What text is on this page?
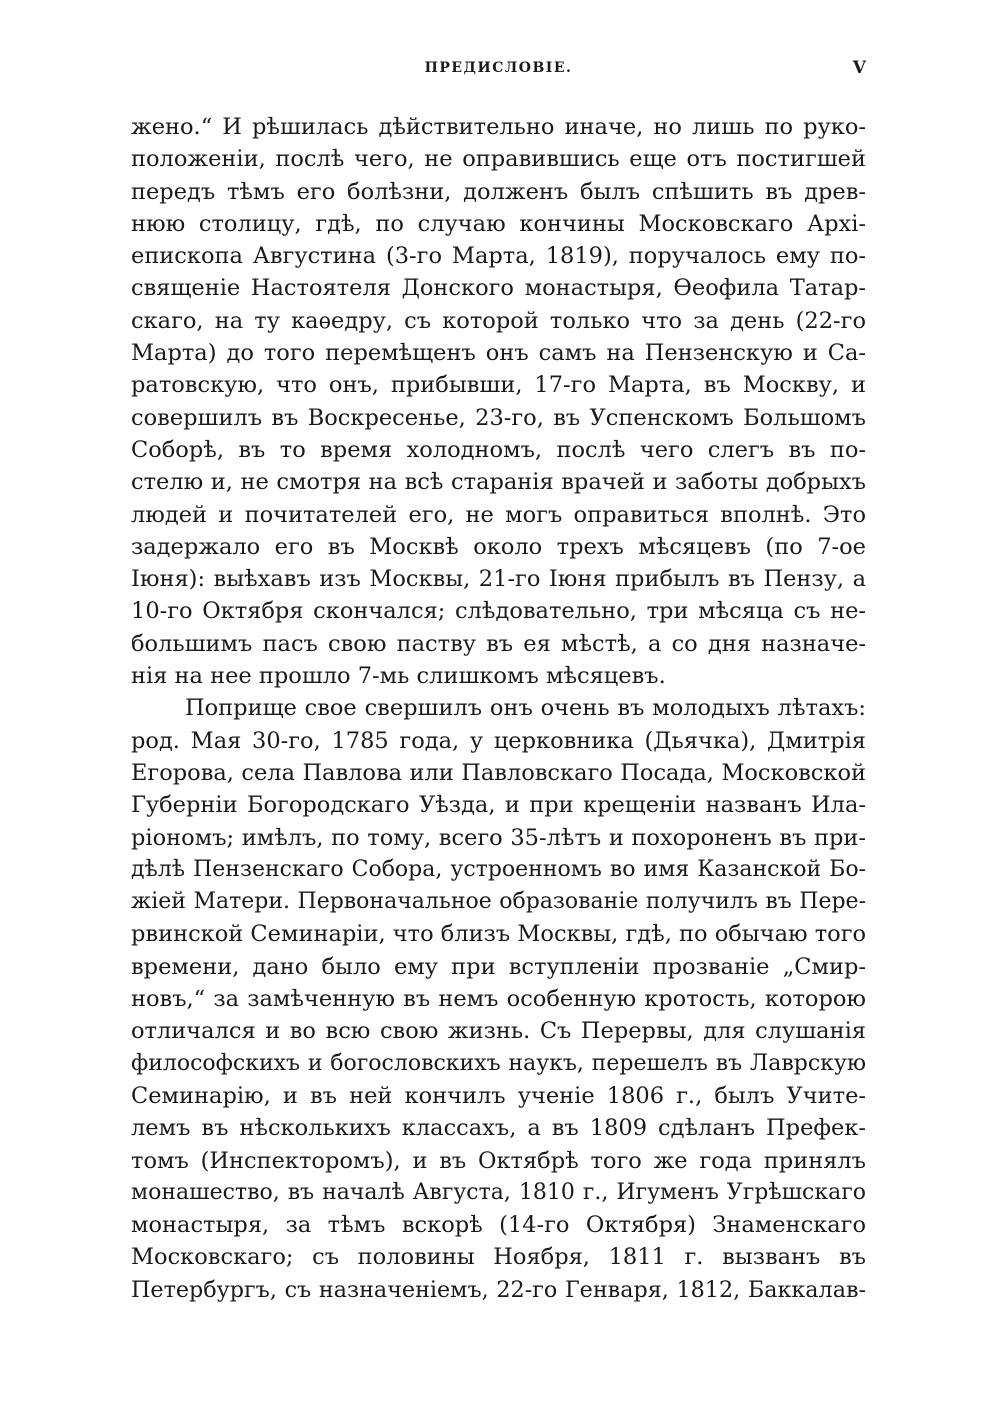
ПРЕДИСЛОВІЕ.	V
жено.“ И рѣшилась дѣйствительно иначе, но лишь по руко-
положеніи, послѣ чего, не оправившись еще отъ постигшей
передъ тѣмъ его болѣзни, долженъ былъ спѣшить въ древ-
нюю столицу, гдѣ, по случаю кончины Московскаго Архі-
епископа Августина (3-го Марта, 1819), поручалось ему по-
священіе Настоятеля Донского монастыря, Ѳеофила Татар-
скаго, на ту каѳедру, съ которой только что за день (22-го
Марта) до того перемѣщенъ онъ самъ на Пензенскую и Са-
ратовскую, что онъ, прибывши, 17-го Марта, въ Москву, и
совершилъ въ Воскресенье, 23-го, въ Успенскомъ Большомъ
Соборѣ, въ то время холодномъ, послѣ чего слегъ въ по-
стелю и, не смотря на всѣ старанія врачей и заботы добрыхъ
людей и почитателей его, не могъ оправиться вполнѣ. Это
задержало его въ Москвѣ около трехъ мѣсяцевъ (по 7-ое
Іюня): выѣхавъ изъ Москвы, 21-го Іюня прибылъ въ Пензу, а
10-го Октября скончался; слѣдовательно, три мѣсяца съ не-
большимъ пасъ свою паству въ ея мѣстѣ, а со дня назначе-
нія на нее прошло 7-мь слишкомъ мѣсяцевъ.
Поприще свое свершилъ онъ очень въ молодыхъ лѣтахъ:
род. Мая 30-го, 1785 года, у церковника (Дьячка), Дмитрія
Егорова, села Павлова или Павловскаго Посада, Московской
Губерніи Богородскаго Уѣзда, и при крещеніи названъ Ила-
ріономъ; имѣлъ, по тому, всего 35-лѣтъ и похороненъ въ при-
дѣлѣ Пензенскаго Собора, устроенномъ во имя Казанской Бо-
жіей Матери. Первоначальное образованіе получилъ въ Пере-
рвинской Семинаріи, что близъ Москвы, гдѣ, по обычаю того
времени, дано было ему при вступленіи прозваніе „Смир-
новъ,“ за замѣченную въ немъ особенную кротость, которою
отличался и во всю свою жизнь. Съ Перервы, для слушанія
философскихъ и богословскихъ наукъ, перешелъ въ Лаврскую
Семинарію, и въ ней кончилъ ученіе 1806 г., былъ Учите-
лемъ въ нѣсколькихъ классахъ, а въ 1809 сдѣланъ Префек-
томъ (Инспекторомъ), и въ Октябрѣ того же года принялъ
монашество, въ началѣ Августа, 1810 г., Игуменъ Угрѣшскаго
монастыря, за тѣмъ вскорѣ (14-го Октября) Знаменскаго
Московскаго; съ половины Ноября, 1811 г. вызванъ въ
Петербургъ, съ назначеніемъ, 22-го Генваря, 1812, Баккалав-
